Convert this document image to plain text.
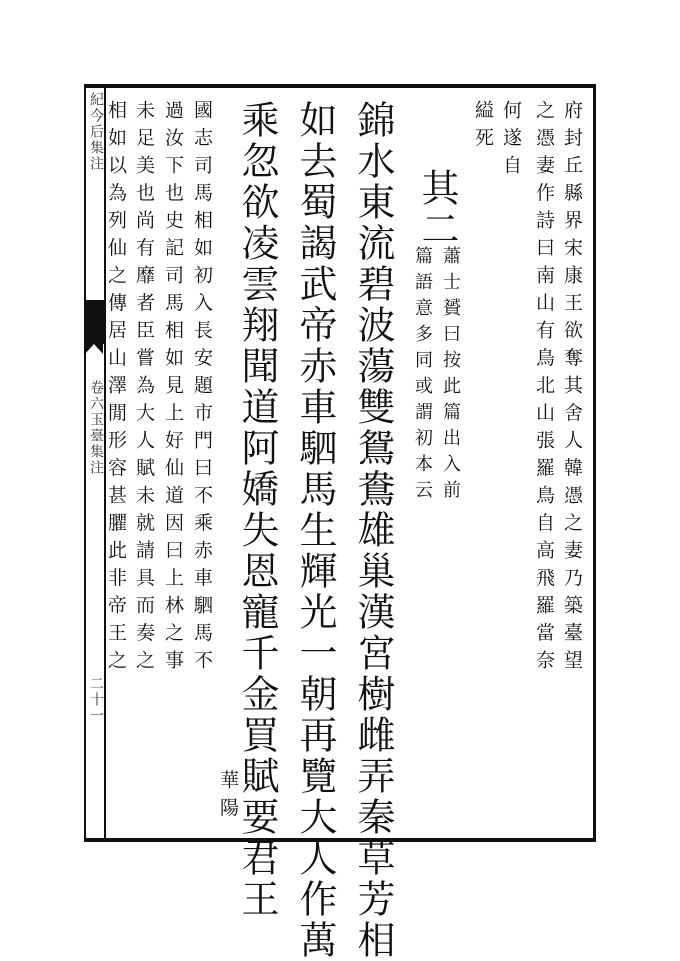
紀今后集注
卷六玉臺集注
二十一
府封丘縣界宋康王欲奪其舍人韓憑之妻乃築臺望
之憑妻作詩曰南山有鳥北山張羅鳥自高飛羅當奈
何遂自
縊死
其二
蕭士贇曰按此篇出入前
篇語意多同或謂初本云
錦水東流碧波蕩雙鴛鴦雄巢漢宮樹雌弄秦草芳相
如去蜀謁武帝赤車駟馬生輝光一朝再覽大人作萬
乘忽欲凌雲翔聞道阿嬌失恩寵千金買賦要君王
華陽
國志司馬相如初入長安題市門曰不乘赤車駟馬不
過汝下也史記司馬相如見上好仙道因曰上林之事
未足美也尚有靡者臣嘗為大人賦未就請具而奏之
相如以為列仙之傳居山澤閒形容甚臞此非帝王之
